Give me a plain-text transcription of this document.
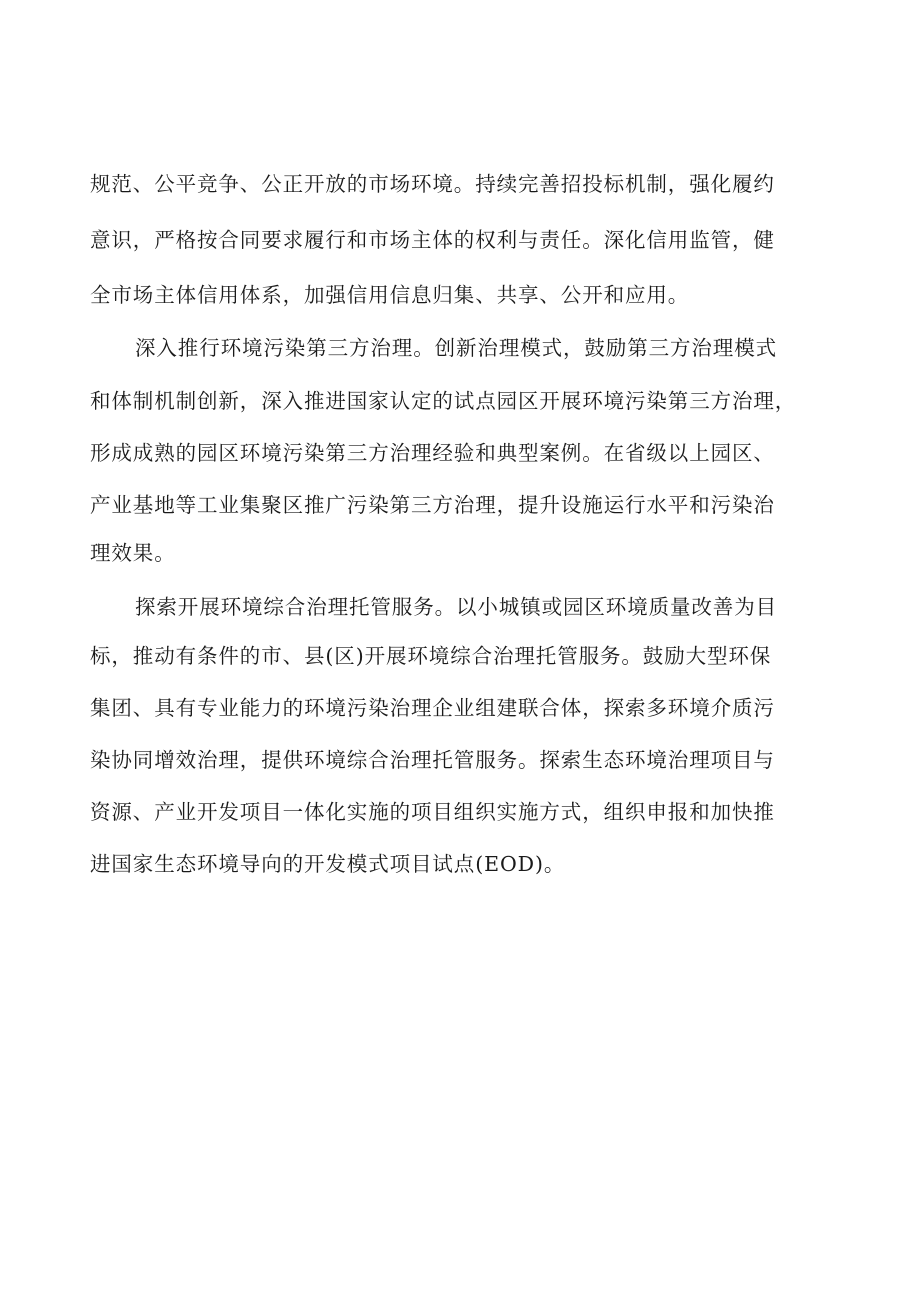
规范、公平竞争、公正开放的市场环境。持续完善招投标机制，强化履约

意识，严格按合同要求履行和市场主体的权利与责任。深化信用监管，健

全市场主体信用体系，加强信用信息归集、共享、公开和应用。

深入推行环境污染第三方治理。创新治理模式，鼓励第三方治理模式

和体制机制创新，深入推进国家认定的试点园区开展环境污染第三方治理，

形成成熟的园区环境污染第三方治理经验和典型案例。在省级以上园区、

产业基地等工业集聚区推广污染第三方治理，提升设施运行水平和污染治

理效果。

探索开展环境综合治理托管服务。以小城镇或园区环境质量改善为目

标，推动有条件的市、县(区)开展环境综合治理托管服务。鼓励大型环保

集团、具有专业能力的环境污染治理企业组建联合体，探索多环境介质污

染协同增效治理，提供环境综合治理托管服务。探索生态环境治理项目与

资源、产业开发项目一体化实施的项目组织实施方式，组织申报和加快推

进国家生态环境导向的开发模式项目试点(EOD)。
